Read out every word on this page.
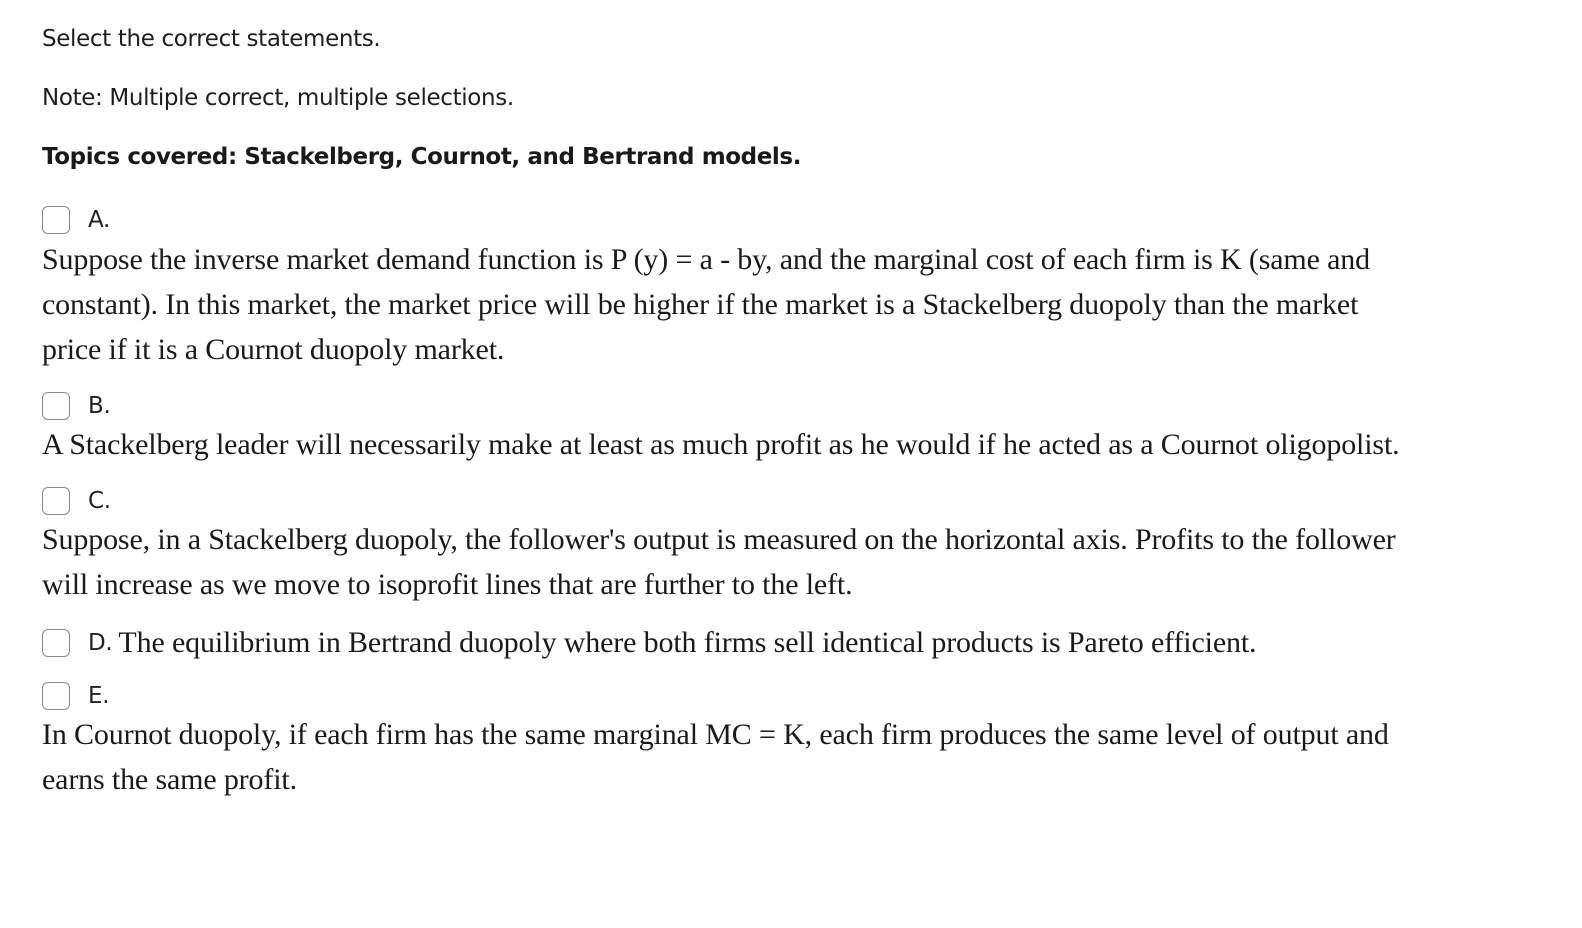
Select the correct statements.
Note: Multiple correct, multiple selections.
Topics covered: Stackelberg, Cournot, and Bertrand models.
A.
Suppose the inverse market demand function is P (y) = a - by, and the marginal cost of each firm is K (same and
constant). In this market, the market price will be higher if the market is a Stackelberg duopoly than the market
price if it is a Cournot duopoly market.
B.
A Stackelberg leader will necessarily make at least as much profit as he would if he acted as a Cournot oligopolist.
C.
Suppose, in a Stackelberg duopoly, the follower's output is measured on the horizontal axis. Profits to the follower
will increase as we move to isoprofit lines that are further to the left.
D. The equilibrium in Bertrand duopoly where both firms sell identical products is Pareto efficient.
E.
In Cournot duopoly, if each firm has the same marginal MC = K, each firm produces the same level of output and
earns the same profit.
